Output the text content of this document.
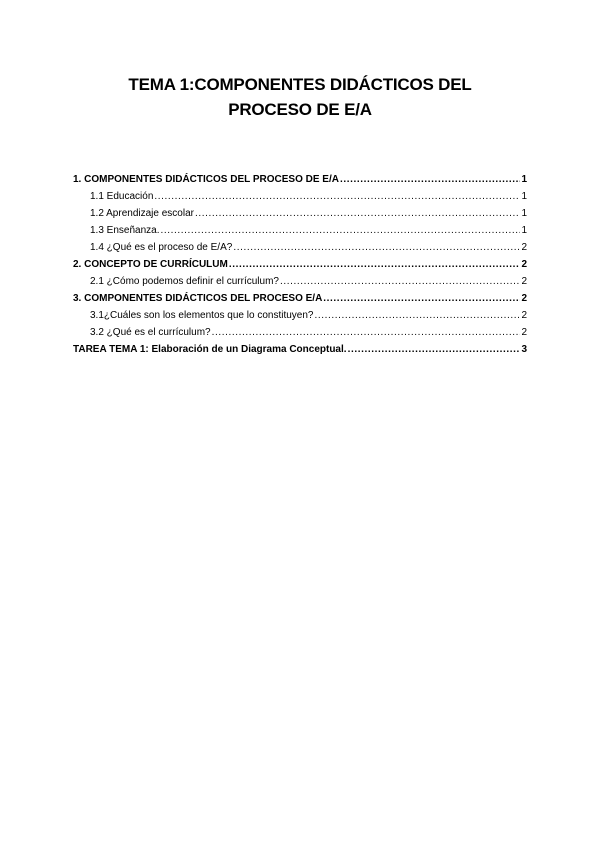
TEMA 1:COMPONENTES DIDÁCTICOS DEL
PROCESO DE E/A
1. COMPONENTES DIDÁCTICOS DEL PROCESO DE E/A .....	1
1.1 Educación .....	1
1.2 Aprendizaje escolar .....	1
1.3 Enseñanza. .....	1
1.4 ¿Qué es el proceso de E/A? .....	2
2. CONCEPTO DE CURRÍCULUM .....	2
2.1 ¿Cómo podemos definir el currículum? .....	2
3. COMPONENTES DIDÁCTICOS DEL PROCESO E/A .....	2
3.1¿Cuáles son los elementos que lo constituyen? .....	2
3.2 ¿Qué es el currículum? .....	2
TAREA TEMA 1: Elaboración de un Diagrama Conceptual. .....	3
